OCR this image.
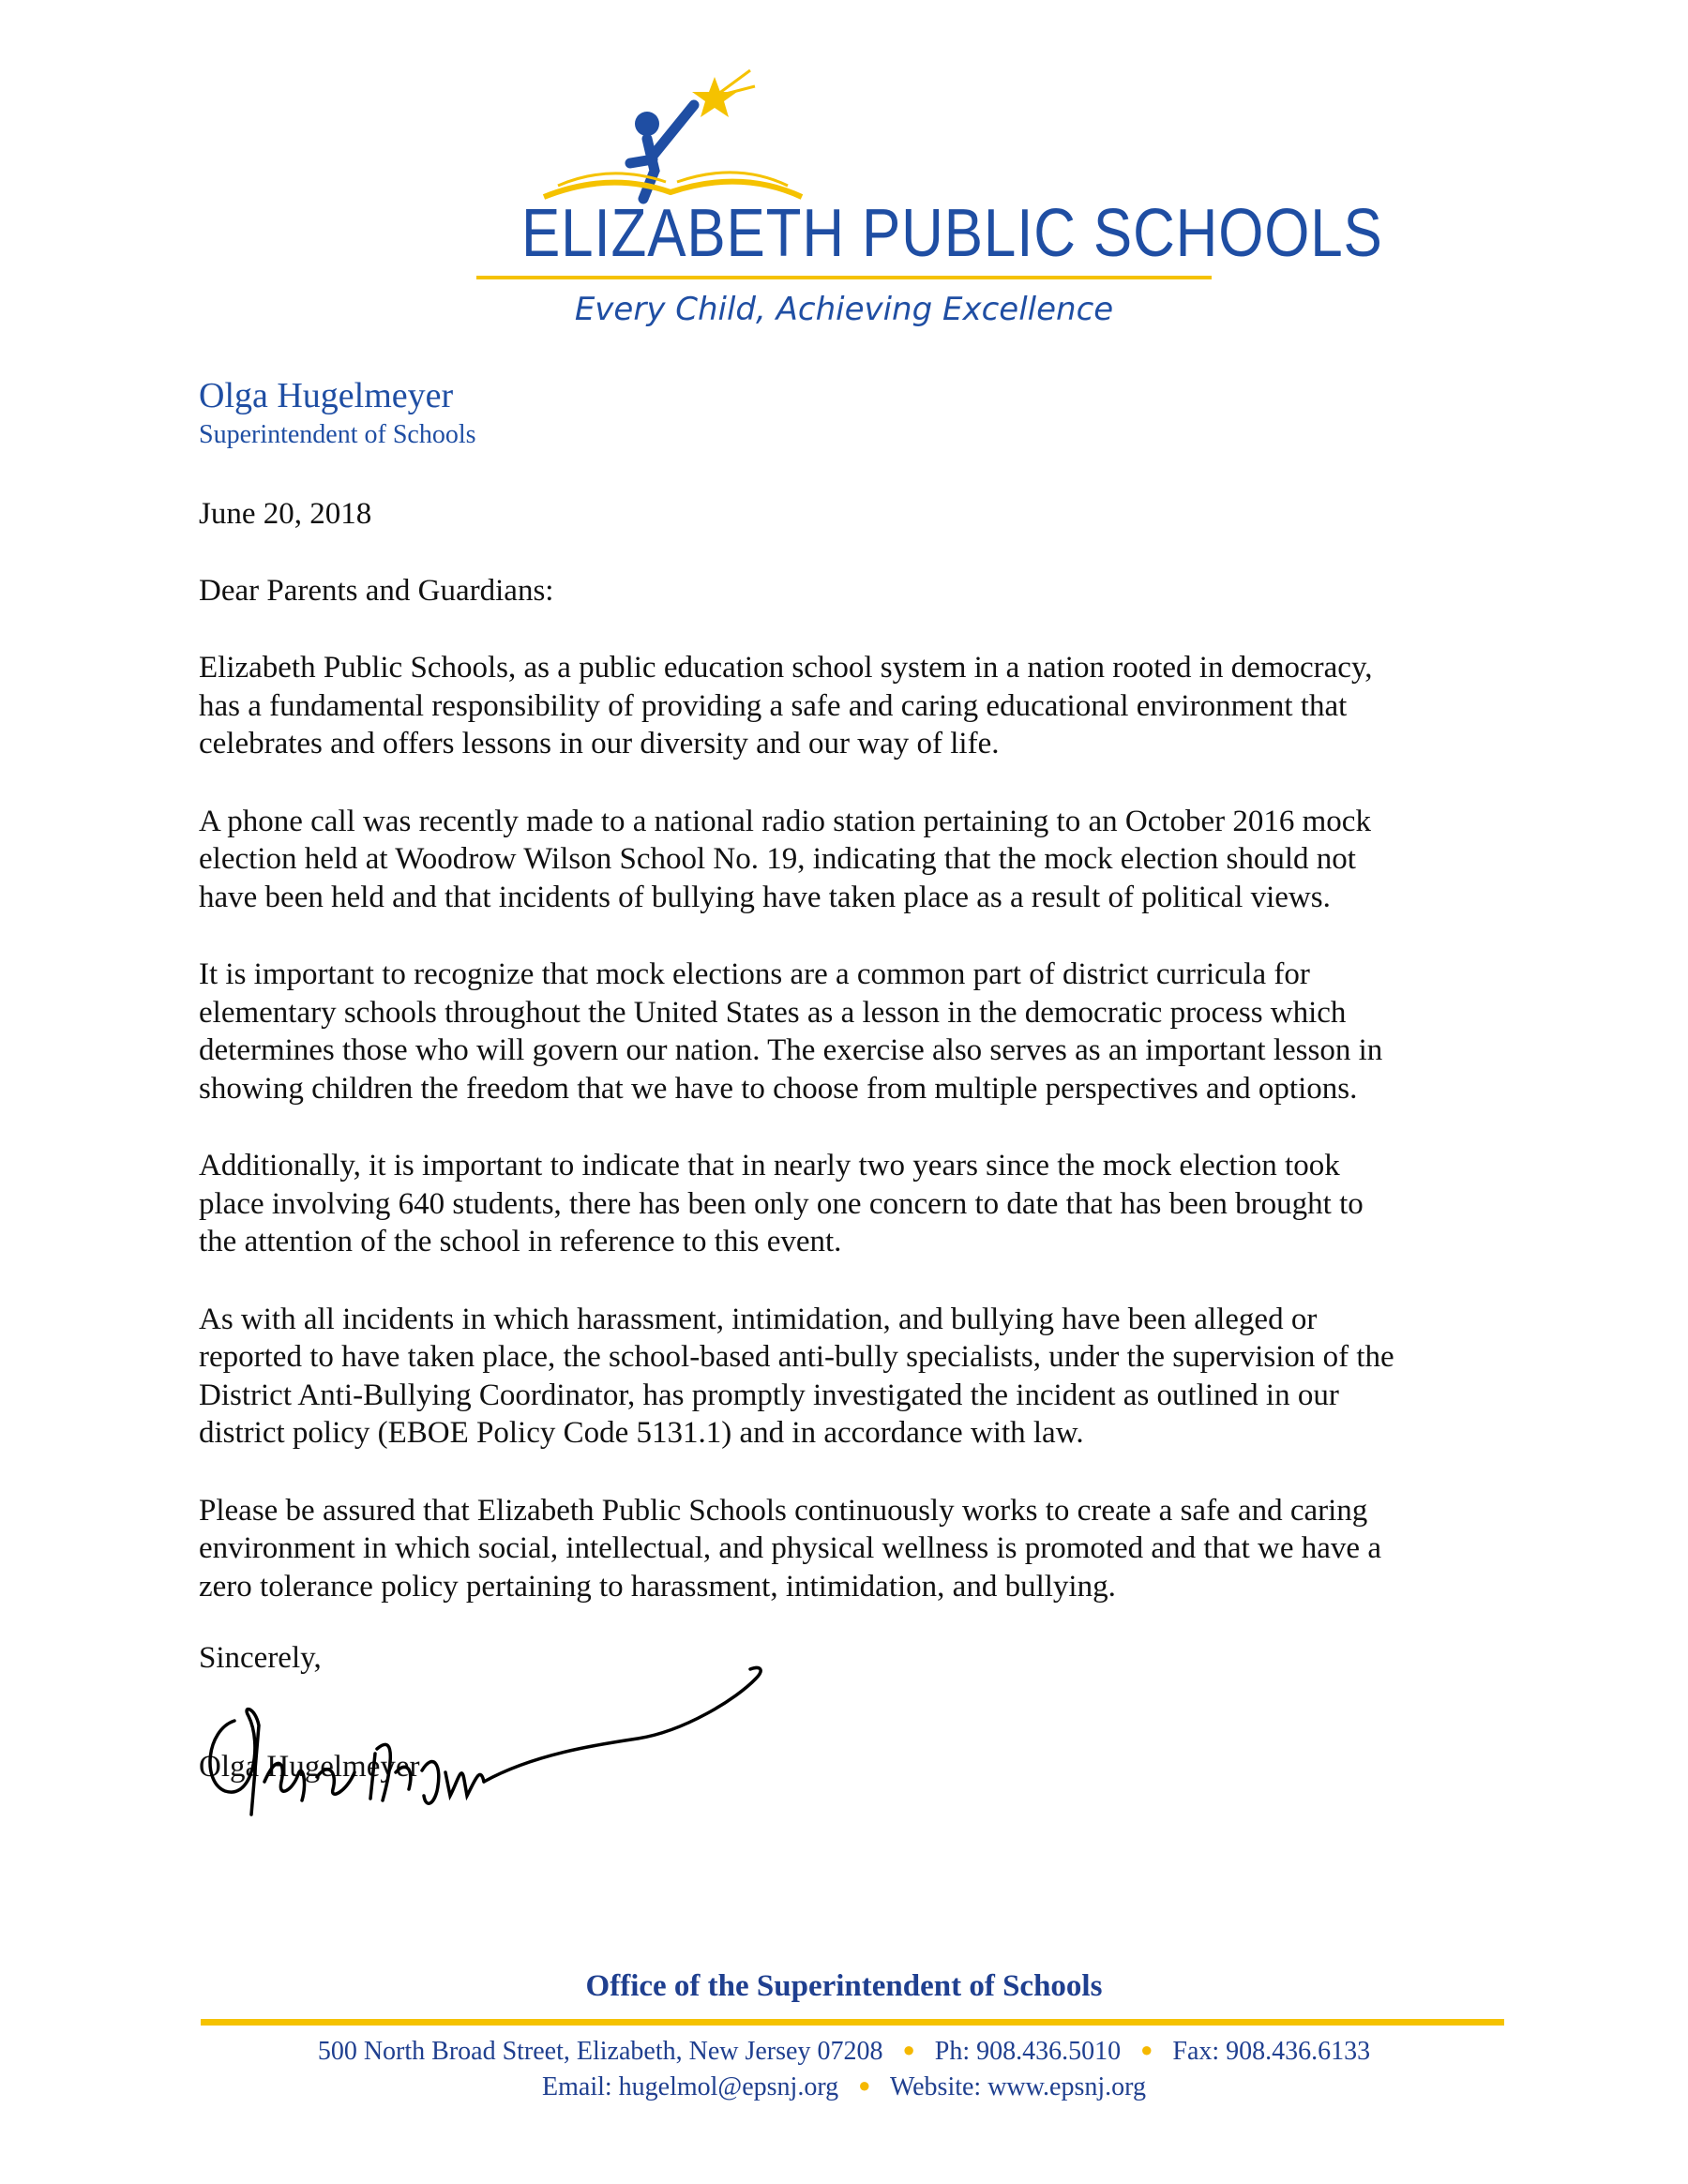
ELIZABETH PUBLIC SCHOOLS
Every Child, Achieving Excellence
Olga Hugelmeyer
Superintendent of Schools
June 20, 2018
Dear Parents and Guardians:
Elizabeth Public Schools, as a public education school system in a nation rooted in democracy,
has a fundamental responsibility of providing a safe and caring educational environment that
celebrates and offers lessons in our diversity and our way of life.
A phone call was recently made to a national radio station pertaining to an October 2016 mock
election held at Woodrow Wilson School No. 19, indicating that the mock election should not
have been held and that incidents of bullying have taken place as a result of political views.
It is important to recognize that mock elections are a common part of district curricula for
elementary schools throughout the United States as a lesson in the democratic process which
determines those who will govern our nation. The exercise also serves as an important lesson in
showing children the freedom that we have to choose from multiple perspectives and options.
Additionally, it is important to indicate that in nearly two years since the mock election took
place involving 640 students, there has been only one concern to date that has been brought to
the attention of the school in reference to this event.
As with all incidents in which harassment, intimidation, and bullying have been alleged or
reported to have taken place, the school-based anti-bully specialists, under the supervision of the
District Anti-Bullying Coordinator, has promptly investigated the incident as outlined in our
district policy (EBOE Policy Code 5131.1) and in accordance with law.
Please be assured that Elizabeth Public Schools continuously works to create a safe and caring
environment in which social, intellectual, and physical wellness is promoted and that we have a
zero tolerance policy pertaining to harassment, intimidation, and bullying.
Sincerely,
Olga Hugelmeyer
Office of the Superintendent of Schools
500 North Broad Street, Elizabeth, New Jersey 07208 ● Ph: 908.436.5010 ● Fax: 908.436.6133
Email: hugelmol@epsnj.org ● Website: www.epsnj.org
